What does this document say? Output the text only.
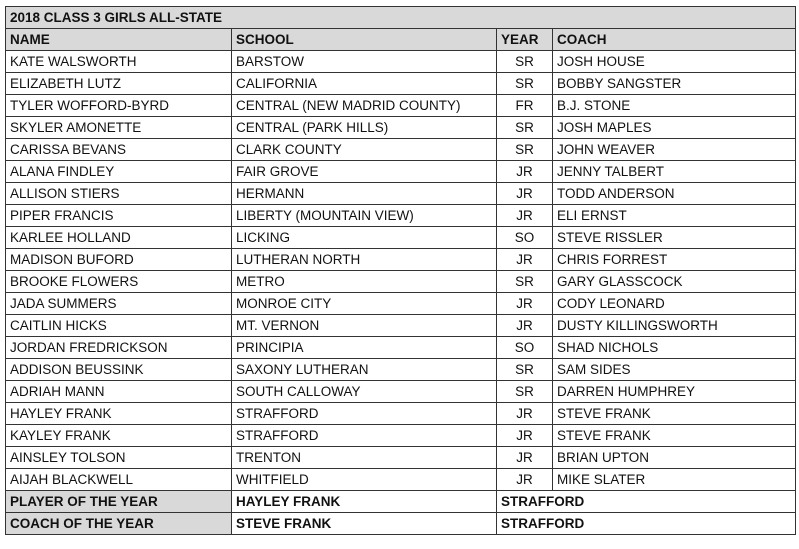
2018 CLASS 3 GIRLS ALL-STATE			
NAME	SCHOOL	YEAR	COACH
KATE WALSWORTH	BARSTOW	SR	JOSH HOUSE
ELIZABETH LUTZ	CALIFORNIA	SR	BOBBY SANGSTER
TYLER WOFFORD-BYRD	CENTRAL (NEW MADRID COUNTY)	FR	B.J. STONE
SKYLER AMONETTE	CENTRAL (PARK HILLS)	SR	JOSH MAPLES
CARISSA BEVANS	CLARK COUNTY	SR	JOHN WEAVER
ALANA FINDLEY	FAIR GROVE	JR	JENNY TALBERT
ALLISON STIERS	HERMANN	JR	TODD ANDERSON
PIPER FRANCIS	LIBERTY (MOUNTAIN VIEW)	JR	ELI ERNST
KARLEE HOLLAND	LICKING	SO	STEVE RISSLER
MADISON BUFORD	LUTHERAN NORTH	JR	CHRIS FORREST
BROOKE FLOWERS	METRO	SR	GARY GLASSCOCK
JADA SUMMERS	MONROE CITY	JR	CODY LEONARD
CAITLIN HICKS	MT. VERNON	JR	DUSTY KILLINGSWORTH
JORDAN FREDRICKSON	PRINCIPIA	SO	SHAD NICHOLS
ADDISON BEUSSINK	SAXONY LUTHERAN	SR	SAM SIDES
ADRIAH MANN	SOUTH CALLOWAY	SR	DARREN HUMPHREY
HAYLEY FRANK	STRAFFORD	JR	STEVE FRANK
KAYLEY FRANK	STRAFFORD	JR	STEVE FRANK
AINSLEY TOLSON	TRENTON	JR	BRIAN UPTON
AIJAH BLACKWELL	WHITFIELD	JR	MIKE SLATER
PLAYER OF THE YEAR	HAYLEY FRANK	STRAFFORD	
COACH OF THE YEAR	STEVE FRANK	STRAFFORD	
